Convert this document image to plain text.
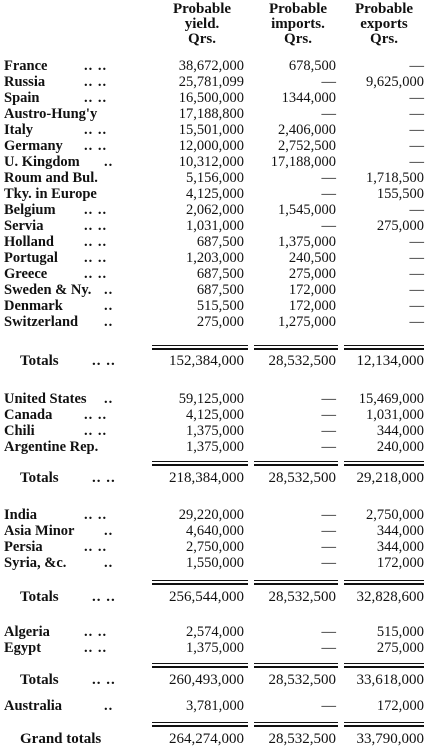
Probable
yield.
Qrs.
Probable
imports.
Qrs.
Probable
exports
Qrs.
France	.. ..	38,672,000	678,500	—
Russia	.. ..	25,781,099	—	9,625,000
Spain	.. ..	16,500,000	1344,000	—
Austro-Hung'y	17,188,800	—	—
Italy	.. ..	15,501,000	2,406,000	—
Germany .. ..	12,000,000	2,752,500	—
U. Kingdom ..	10,312,000	17,188,000	—
Roum and Bul.	5,156,000	—	1,718,500
Tky. in Europe	4,125,000	—	155,500
Belgium .. ..	2,062,000	1,545,000	—
Servia	.. ..	1,031,000	—	275,000
Holland .. ..	687,500	1,375,000	—
Portugal .. ..	1,203,000	240,500	—
Greece	.. ..	687,500	275,000	—
Sweden & Ny. ..	687,500	172,000	—
Denmark	..	515,500	172,000	—
Switzerland ..	275,000	1,275,000	—
Totals .. ..	152,384,000	28,532,500	12,134,000
United States ..	59,125,000	—	15,469,000
Canada .. ..	4,125,000	—	1,031,000
Chili	.. ..	1,375,000	—	344,000
Argentine Rep.	1,375,000	—	240,000
Totals .. ..	218,384,000	28,532,500	29,218,000
India	.. ..	29,220,000	—	2,750,000
Asia Minor ..	4,640,000	—	344,000
Persia	.. ..	2,750,000	—	344,000
Syria, &c.	..	1,550,000	—	172,000
Totals .. ..	256,544,000	28,532,500	32,828,600
Algeria .. ..	2,574,000	—	515,000
Egypt	.. ..	1,375,000	—	275,000
Totals .. ..	260,493,000	28,532,500	33,618,000
Australia	..	3,781,000	—	172,000
Grand totals	264,274,000	28,532,500	33,790,000
